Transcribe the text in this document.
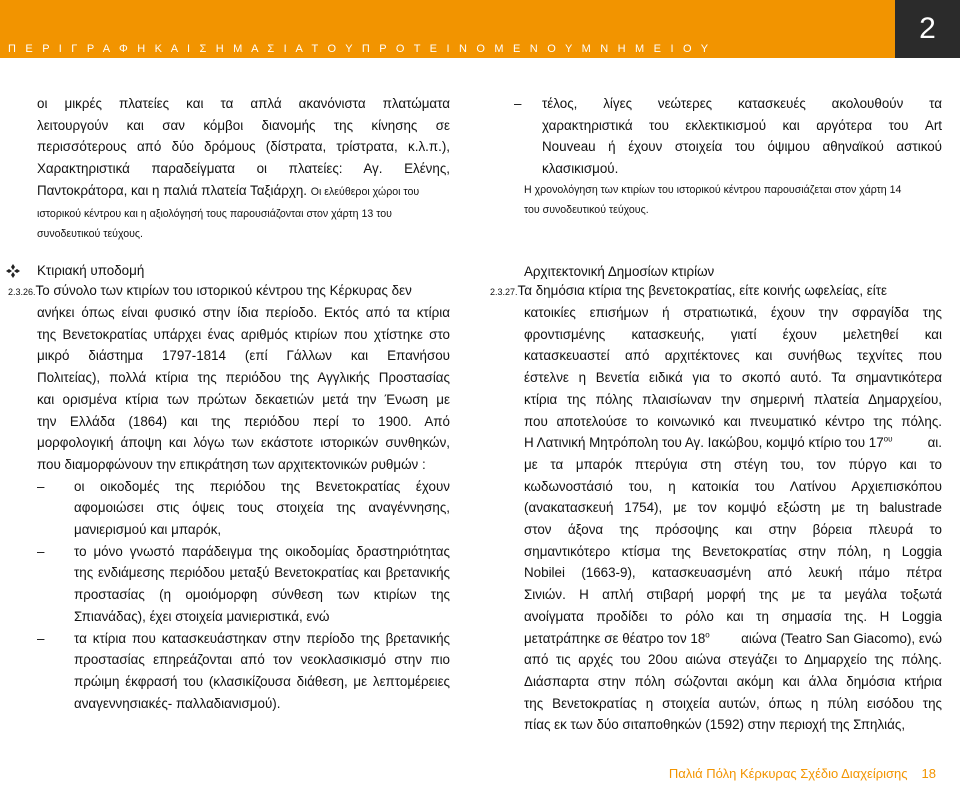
Π Ε Ρ Ι Γ Ρ Α Φ Η Κ Α Ι Σ Η Μ Α Σ Ι Α Τ Ο Υ Π Ρ Ο Τ Ε Ι Ν Ο Μ Ε Ν Ο Υ Μ Ν Η Μ Ε Ι Ο Υ
2
οι μικρές πλατείες και τα απλά ακανόνιστα πλατώματα
λειτουργούν και σαν κόμβοι διανομής της κίνησης σε
περισσότερους από δύο δρόμους (δίστρατα, τρίστρατα, κ.λ.π.),
Χαρακτηριστικά παραδείγματα οι πλατείες: Αγ. Ελένης,
Παντοκράτορα, και η παλιά πλατεία Ταξιάρχη. Οι ελεύθεροι χώροι του
ιστορικού κέντρου και η αξιολόγησή τους παρουσιάζονται στον χάρτη 13 του
συνοδευτικού τεύχους.
Κτιριακή υποδομή
2.3.26.Το σύνολο των κτιρίων του ιστορικού κέντρου της Κέρκυρας δεν
ανήκει όπως είναι φυσικό στην ίδια περίοδο. Εκτός από τα κτίρια
της Βενετοκρατίας υπάρχει ένας αριθμός κτιρίων που χτίστηκε στο
μικρό διάστημα 1797-1814 (επί Γάλλων και Επανήσου
Πολιτείας), πολλά κτίρια της περιόδου της Αγγλικής Προστασίας
και ορισμένα κτίρια των πρώτων δεκαετιών μετά την Ένωση με
την Ελλάδα (1864) και της περιόδου περί το 1900. Από
μορφολογική άποψη και λόγω των εκάστοτε ιστορικών συνθηκών,
που διαμορφώνουν την επικράτηση των αρχιτεκτονικών ρυθμών :
– οι οικοδομές της περιόδου της Βενετοκρατίας έχουν
αφομοιώσει στις όψεις τους στοιχεία της αναγέννησης,
μανιερισμού και μπαρόκ,
– το μόνο γνωστό παράδειγμα της οικοδομίας δραστηριότητας
της ενδιάμεσης περιόδου μεταξύ Βενετοκρατίας και βρετανικής
προστασίας (η ομοιόμορφη σύνθεση των κτιρίων της
Σπιανάδας), έχει στοιχεία μανιεριστικά, ενώ
– τα κτίρια που κατασκευάστηκαν στην περίοδο της βρετανικής
προστασίας επηρεάζονται από τον νεοκλασικισμό στην πιο
πρώιμη έκφρασή του (κλασικίζουσα διάθεση, με λεπτομέρειες
αναγεννησιακές- παλλαδιανισμού).
– τέλος, λίγες νεώτερες κατασκευές ακολουθούν τα
χαρακτηριστικά του εκλεκτικισμού και αργότερα του Art
Nouveau ή έχουν στοιχεία του όψιμου αθηναϊκού αστικού
κλασικισμού.
Η χρονολόγηση των κτιρίων του ιστορικού κέντρου παρουσιάζεται στον χάρτη 14
του συνοδευτικού τεύχους.
Αρχιτεκτονική Δημοσίων κτιρίων
2.3.27.Τα δημόσια κτίρια της βενετοκρατίας, είτε κοινής ωφελείας, είτε
κατοικίες επισήμων ή στρατιωτικά, έχουν την σφραγίδα της
φροντισμένης κατασκευής, γιατί έχουν μελετηθεί και
κατασκευαστεί από αρχιτέκτονες και συνήθως τεχνίτες που
έστελνε η Βενετία ειδικά για το σκοπό αυτό. Τα σημαντικότερα
κτίρια της πόλης πλαισίωναν την σημερινή πλατεία Δημαρχείου,
που αποτελούσε το κοινωνικό και πνευματικό κέντρο της πόλης.
Η Λατινική Μητρόπολη του Αγ. Ιακώβου, κομψό κτίριο του $17^{o\upsilon}$	αι.
με τα μπαρόκ πτερύγια στη στέγη του, τον πύργο και το
κωδωνοστάσιό του, η κατοικία του Λατίνου Αρχιεπισκόπου
(ανακατασκευή 1754), με τον κομψό εξώστη με τη balustrade
στον άξονα της πρόσοψης και στην βόρεια πλευρά το
σημαντικότερο κτίσμα της Βενετοκρατίας στην πόλη, η Loggia
Nobilei (1663-9), κατασκευασμένη από λευκή ιτάμο πέτρα
Σινιών. Η απλή στιβαρή μορφή της με τα μεγάλα τοξωτά
ανοίγματα προδίδει το ρόλο και τη σημασία της. Η Loggia
μετατράπηκε σε θέατρο τον $18^o$ αιώνα (Teatro San Giacomo), ενώ
από τις αρχές του 20ου αιώνα στεγάζει το Δημαρχείο της πόλης.
Διάσπαρτα στην πόλη σώζονται ακόμη και άλλα δημόσια κτήρια
της Βενετοκρατίας η στοιχεία αυτών, όπως η πύλη εισόδου της
πίας εκ των δύο σιταποθηκών (1592) στην περιοχή της Σπηλιάς,
Παλιά Πόλη Κέρκυρας Σχέδιο Διαχείρισης 18
